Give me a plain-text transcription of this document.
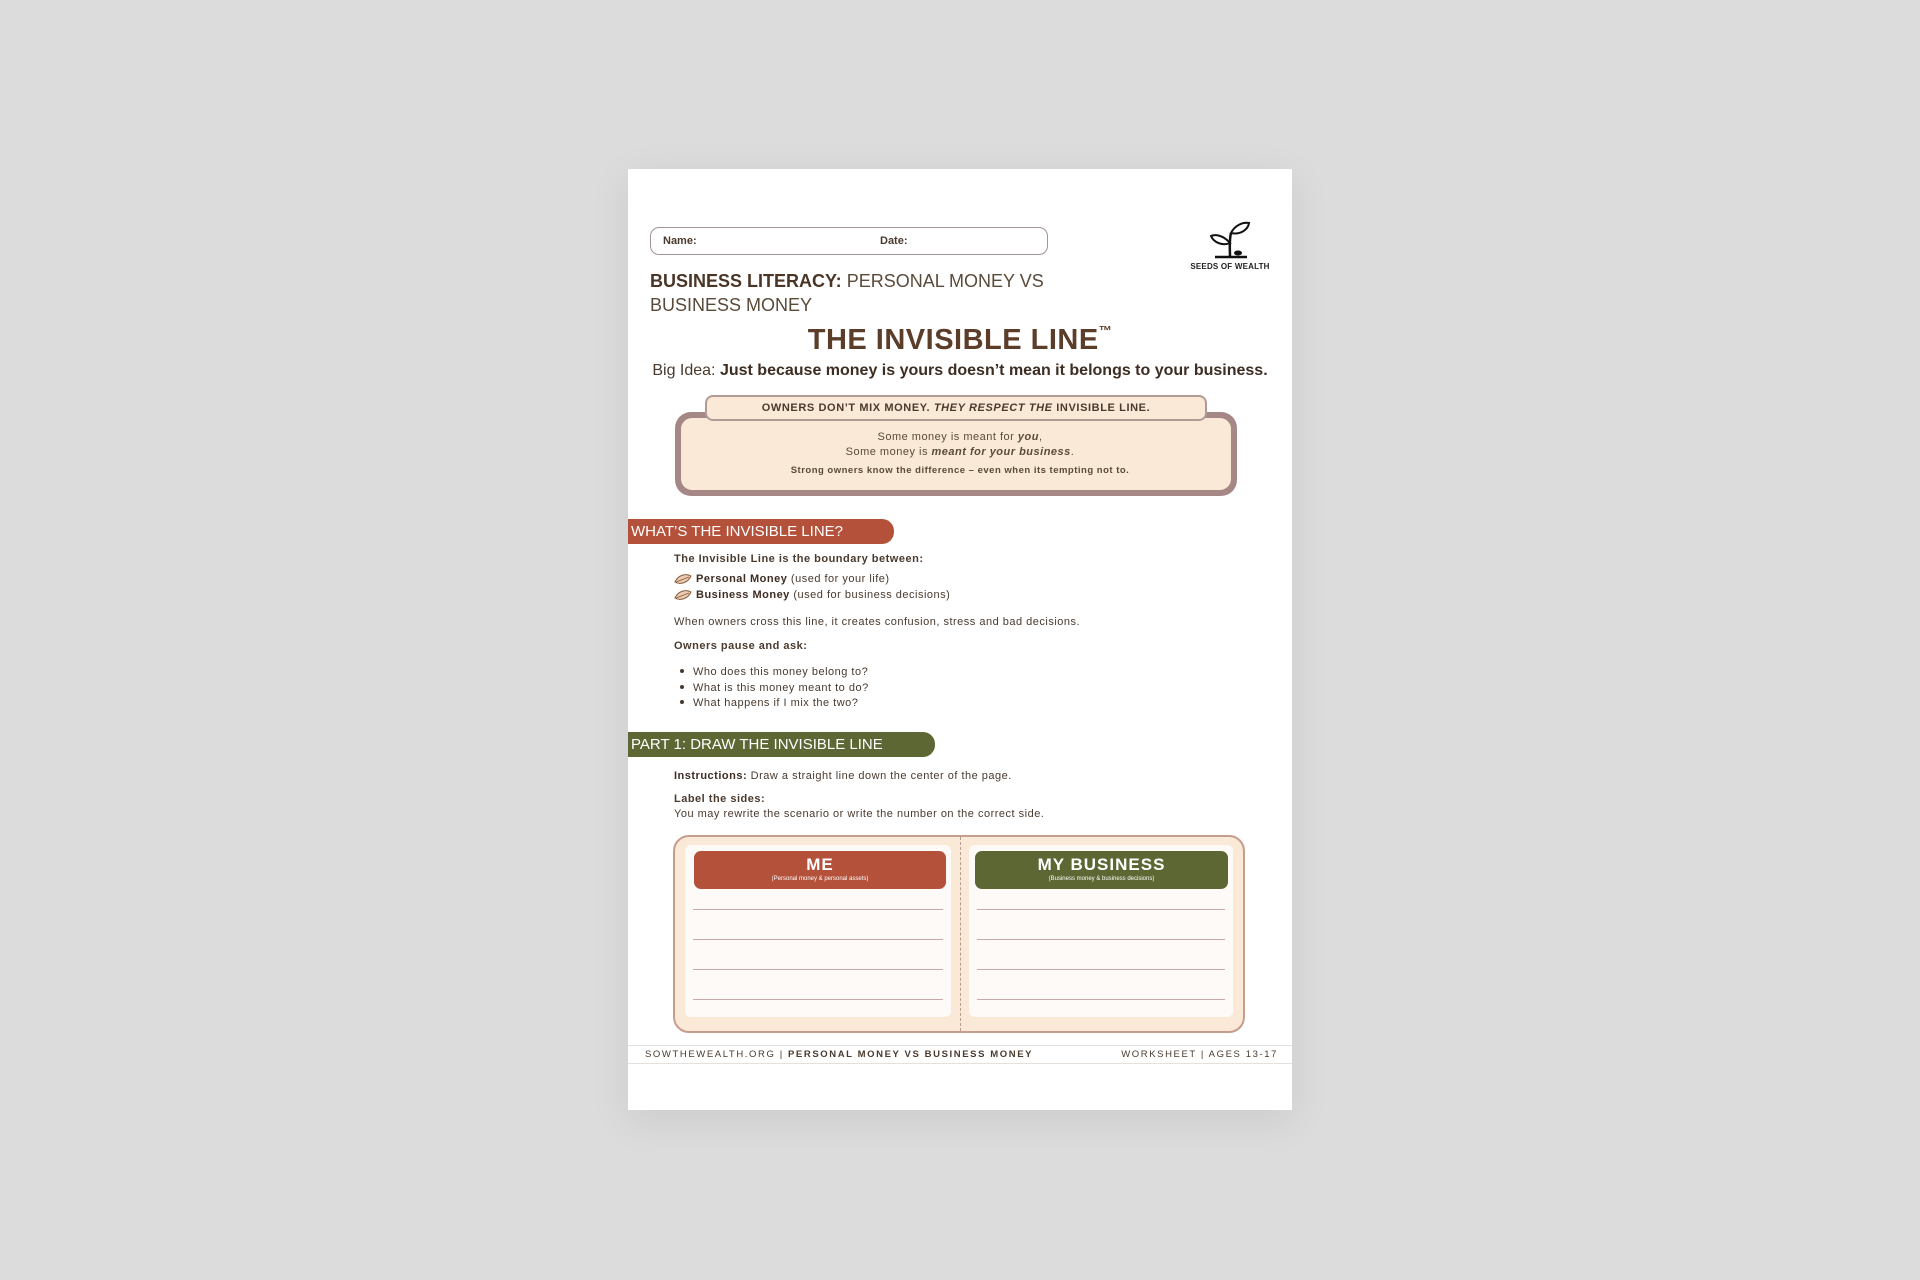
Name:	Date:
SEEDS OF WEALTH
BUSINESS LITERACY: PERSONAL MONEY VS BUSINESS MONEY
THE INVISIBLE LINE™
Big Idea: Just because money is yours doesn’t mean it belongs to your business.
OWNERS DON’T MIX MONEY. THEY RESPECT THE INVISIBLE LINE.
Some money is meant for you,
Some money is meant for your business.
Strong owners know the difference – even when its tempting not to.
WHAT’S THE INVISIBLE LINE?
The Invisible Line is the boundary between:
Personal Money (used for your life)
Business Money (used for business decisions)
When owners cross this line, it creates confusion, stress and bad decisions.
Owners pause and ask:
Who does this money belong to?
What is this money meant to do?
What happens if I mix the two?
PART 1: DRAW THE INVISIBLE LINE
Instructions: Draw a straight line down the center of the page.
Label the sides:
You may rewrite the scenario or write the number on the correct side.
ME
(Personal money & personal assets)
MY BUSINESS
(Business money & business decisions)
SOWTHEWEALTH.ORG | PERSONAL MONEY VS BUSINESS MONEY	WORKSHEET | AGES 13-17
